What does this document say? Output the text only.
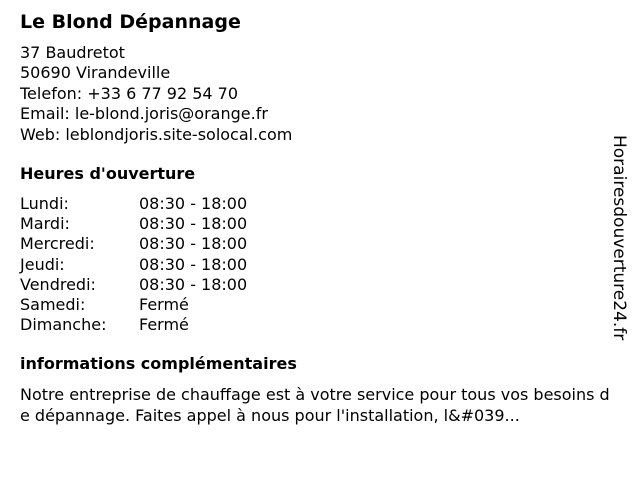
Le Blond Dépannage
37 Baudretot
50690 Virandeville
Telefon: +33 6 77 92 54 70
Email: le-blond.joris@orange.fr
Web: leblondjoris.site-solocal.com
Heures d'ouverture
Lundi:	08:30 - 18:00
Mardi:	08:30 - 18:00
Mercredi:	08:30 - 18:00
Jeudi:	08:30 - 18:00
Vendredi:	08:30 - 18:00
Samedi:	Fermé
Dimanche:	Fermé
informations complémentaires
Notre entreprise de chauffage est à votre service pour tous vos besoins de dépannage. Faites appel à nous pour l'installation, l&#039...
Horairesdouverture24.fr
